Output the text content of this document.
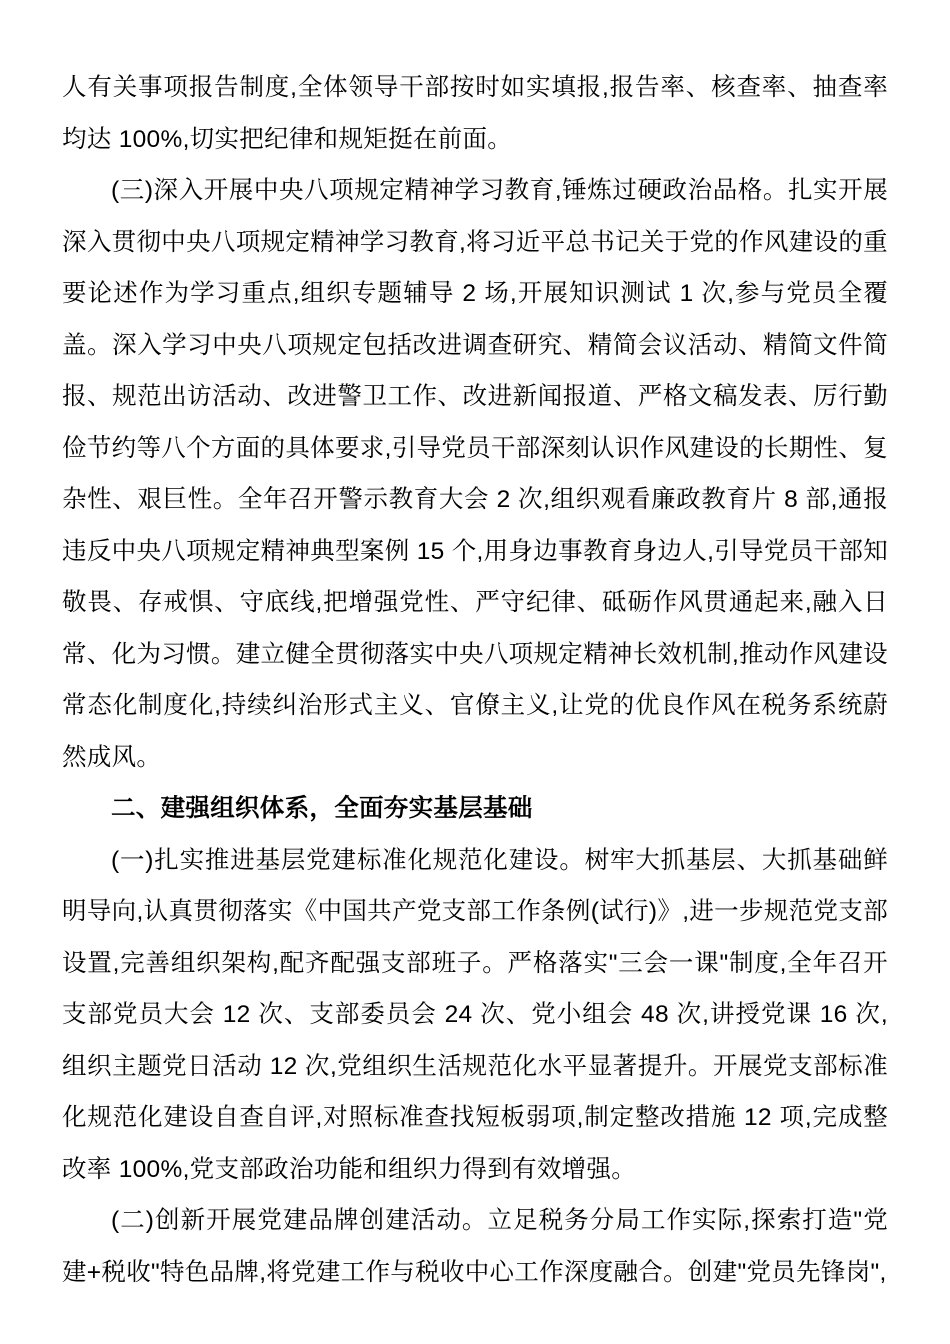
人有关事项报告制度,全体领导干部按时如实填报,报告率、核查率、抽查率均达 100%,切实把纪律和规矩挺在前面。

(三)深入开展中央八项规定精神学习教育,锤炼过硬政治品格。扎实开展深入贯彻中央八项规定精神学习教育,将习近平总书记关于党的作风建设的重要论述作为学习重点,组织专题辅导 2 场,开展知识测试 1 次,参与党员全覆盖。深入学习中央八项规定包括改进调查研究、精简会议活动、精简文件简报、规范出访活动、改进警卫工作、改进新闻报道、严格文稿发表、厉行勤俭节约等八个方面的具体要求,引导党员干部深刻认识作风建设的长期性、复杂性、艰巨性。全年召开警示教育大会 2 次,组织观看廉政教育片 8 部,通报违反中央八项规定精神典型案例 15 个,用身边事教育身边人,引导党员干部知敬畏、存戒惧、守底线,把增强党性、严守纪律、砥砺作风贯通起来,融入日常、化为习惯。建立健全贯彻落实中央八项规定精神长效机制,推动作风建设常态化制度化,持续纠治形式主义、官僚主义,让党的优良作风在税务系统蔚然成风。

二、建强组织体系，全面夯实基层基础

(一)扎实推进基层党建标准化规范化建设。树牢大抓基层、大抓基础鲜明导向,认真贯彻落实《中国共产党支部工作条例(试行)》,进一步规范党支部设置,完善组织架构,配齐配强支部班子。严格落实"三会一课"制度,全年召开支部党员大会 12 次、支部委员会 24 次、党小组会 48 次,讲授党课 16 次,组织主题党日活动 12 次,党组织生活规范化水平显著提升。开展党支部标准化规范化建设自查自评,对照标准查找短板弱项,制定整改措施 12 项,完成整改率 100%,党支部政治功能和组织力得到有效增强。

(二)创新开展党建品牌创建活动。立足税务分局工作实际,探索打造"党建+税收"特色品牌,将党建工作与税收中心工作深度融合。创建"党员先锋岗",
